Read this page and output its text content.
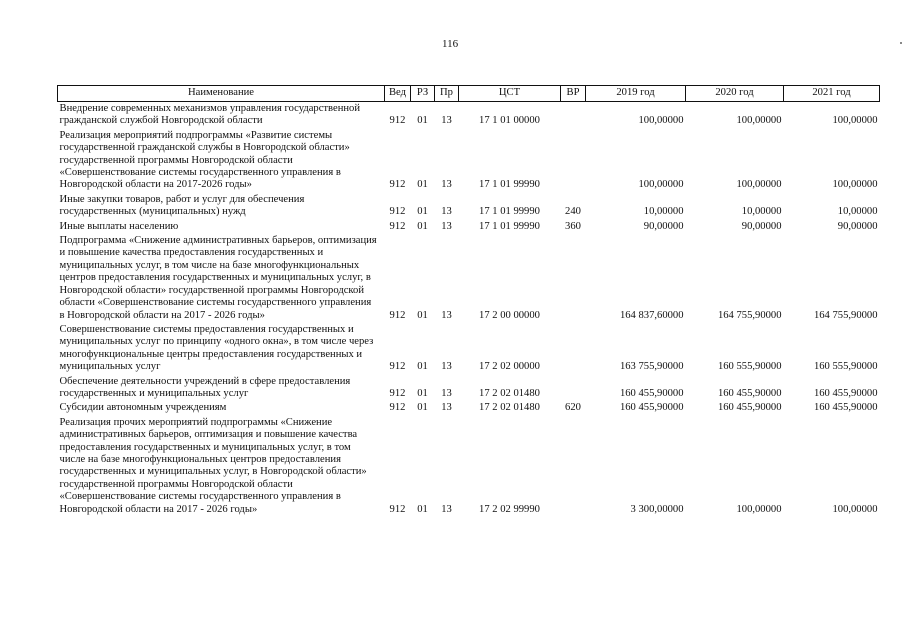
116
Наименование	Вед	РЗ	Пр	ЦСТ	ВР	2019 год	2020 год	2021 год
Внедрение современных механизмов управления государственной гражданской службой Новгородской области	912	01	13	17 1 01 00000		100,00000	100,00000	100,00000
Реализация мероприятий подпрограммы «Развитие системы государственной гражданской службы в Новгородской области» государственной программы Новгородской области «Совершенствование системы государственного управления в Новгородской области на 2017-2026 годы»	912	01	13	17 1 01 99990		100,00000	100,00000	100,00000
Иные закупки товаров, работ и услуг для обеспечения государственных (муниципальных) нужд	912	01	13	17 1 01 99990	240	10,00000	10,00000	10,00000
Иные выплаты населению	912	01	13	17 1 01 99990	360	90,00000	90,00000	90,00000
Подпрограмма «Снижение административных барьеров, оптимизация и повышение качества предоставления государственных и муниципальных услуг, в том числе на базе многофункциональных центров предоставления государственных и муниципальных услуг, в Новгородской области» государственной программы Новгородской области «Совершенствование системы государственного управления в Новгородской области на 2017 - 2026 годы»	912	01	13	17 2 00 00000		164 837,60000	164 755,90000	164 755,90000
Совершенствование системы предоставления государственных и муниципальных услуг по принципу «одного окна», в том числе через многофункциональные центры предоставления государственных и муниципальных услуг	912	01	13	17 2 02 00000		163 755,90000	160 555,90000	160 555,90000
Обеспечение деятельности учреждений в сфере предоставления государственных и муниципальных услуг	912	01	13	17 2 02 01480		160 455,90000	160 455,90000	160 455,90000
Субсидии автономным учреждениям	912	01	13	17 2 02 01480	620	160 455,90000	160 455,90000	160 455,90000
Реализация прочих мероприятий подпрограммы «Снижение административных барьеров, оптимизация и повышение качества предоставления государственных и муниципальных услуг, в том числе на базе многофункциональных центров предоставления государственных и муниципальных услуг, в Новгородской области» государственной программы Новгородской области «Совершенствование системы государственного управления в Новгородской области на 2017 - 2026 годы»	912	01	13	17 2 02 99990		3 300,00000	100,00000	100,00000
